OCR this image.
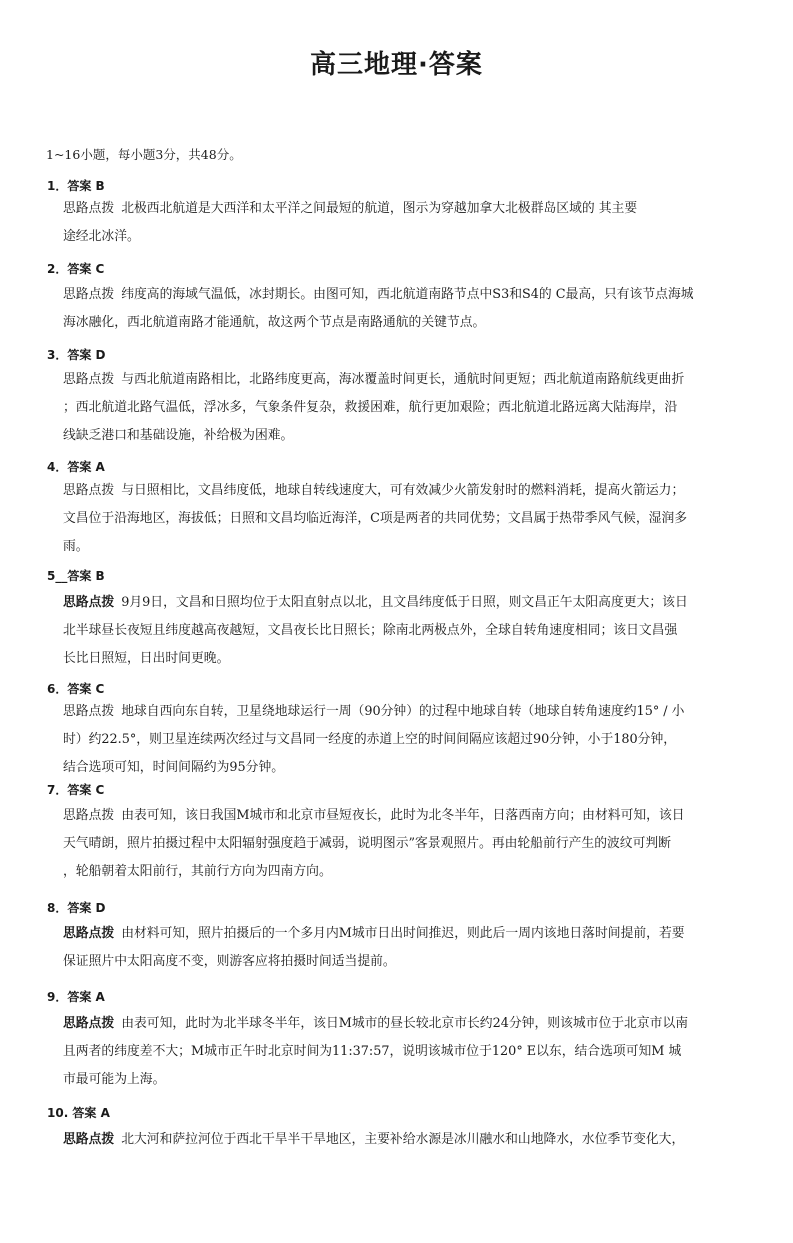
高三地理·答案
1~16小题，每小题3分，共48分。
1．答案 B
思路点拨 北极西北航道是大西洋和太平洋之间最短的航道，图示为穿越加拿大北极群岛区域的 其主要
途经北冰洋。
2．答案 C
思路点拨 纬度高的海域气温低，冰封期长。由图可知，西北航道南路节点中S3和S4的 C最高，只有该节点海城
海冰融化，西北航道南路才能通航，故这两个节点是南路通航的关键节点。
3．答案 D
思路点拨 与西北航道南路相比，北路纬度更高，海冰覆盖时间更长，通航时间更短；西北航道南路航线更曲折
；西北航道北路气温低，浮冰多，气象条件复杂，救援困难，航行更加艰险；西北航道北路远离大陆海岸，沿
线缺乏港口和基础设施，补给极为困难。
4．答案 A
思路点拨 与日照相比，文昌纬度低，地球自转线速度大，可有效减少火箭发射时的燃料消耗，提高火箭运力；
文昌位于沿海地区，海拔低；日照和文昌均临近海洋，C项是两者的共同优势；文昌属于热带季风气候，湿润多
雨。
5__答案 B
思路点拨 9月9日，文昌和日照均位于太阳直射点以北，且文昌纬度低于日照，则文昌正午太阳高度更大；该日
北半球昼长夜短且纬度越高夜越短，文昌夜长比日照长；除南北两极点外，全球自转角速度相同；该日文昌强
长比日照短，日出时间更晚。
6．答案 C
思路点拨 地球自西向东自转，卫星绕地球运行一周（90分钟）的过程中地球自转（地球自转角速度约15° / 小
时）约22.5°，则卫星连续两次经过与文昌同一经度的赤道上空的时间间隔应该超过90分钟，小于180分钟，
结合选项可知，时间间隔约为95分钟。
7．答案 C
思路点拨 由表可知，该日我国M城市和北京市昼短夜长，此时为北冬半年，日落西南方向；由材料可知，该日
天气晴朗，照片拍摄过程中太阳辐射强度趋于减弱，说明图示”客景观照片。再由轮船前行产生的波纹可判断
，轮船朝着太阳前行，其前行方向为四南方向。
8．答案 D
思路点拨 由材料可知，照片拍摄后的一个多月内M城市日出时间推迟，则此后一周内该地日落时间提前，若要
保证照片中太阳高度不变，则游客应将拍摄时间适当提前。
9．答案 A
思路点拨 由表可知，此时为北半球冬半年，该日M城市的昼长较北京市长约24分钟，则该城市位于北京市以南
且两者的纬度差不大；M城市正午时北京时间为11:37:57，说明该城市位于120° E以东，结合选项可知M 城
市最可能为上海。
10. 答案 A
思路点拨 北大河和萨拉河位于西北干旱半干旱地区，主要补给水源是冰川融水和山地降水，水位季节变化大，
